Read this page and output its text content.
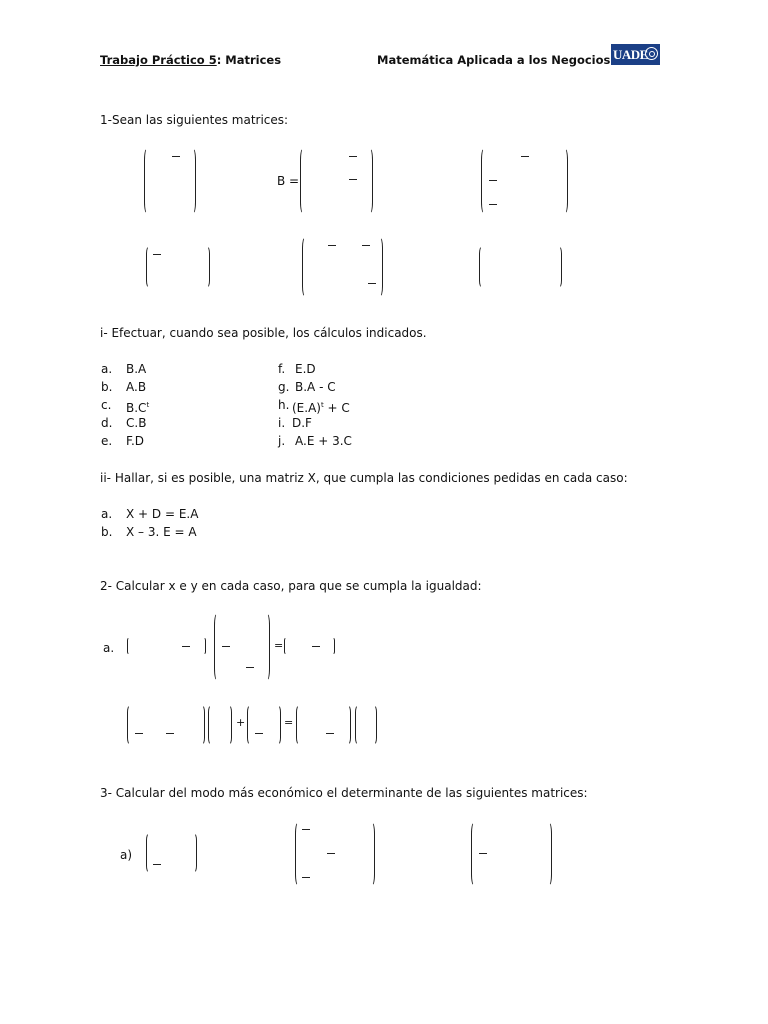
Trabajo Práctico 5: Matrices	Matemática Aplicada a los Negocios UADE
1-Sean las siguientes matrices:
B =
i- Efectuar, cuando sea posible, los cálculos indicados.
a. B.A
b. A.B
c. $B.C^t$
d. C.B
e. F.D
f. E.D
g. B.A - C
h. $(E.A)^t + C$
i. D.F
j. A.E + 3.C
ii- Hallar, si es posible, una matriz X, que cumpla las condiciones pedidas en cada caso:
a. X + D = E.A
b. X – 3. E = A
2- Calcular x e y en cada caso, para que se cumpla la igualdad:
a.	=
+	=
3- Calcular del modo más económico el determinante de las siguientes matrices:
a)
